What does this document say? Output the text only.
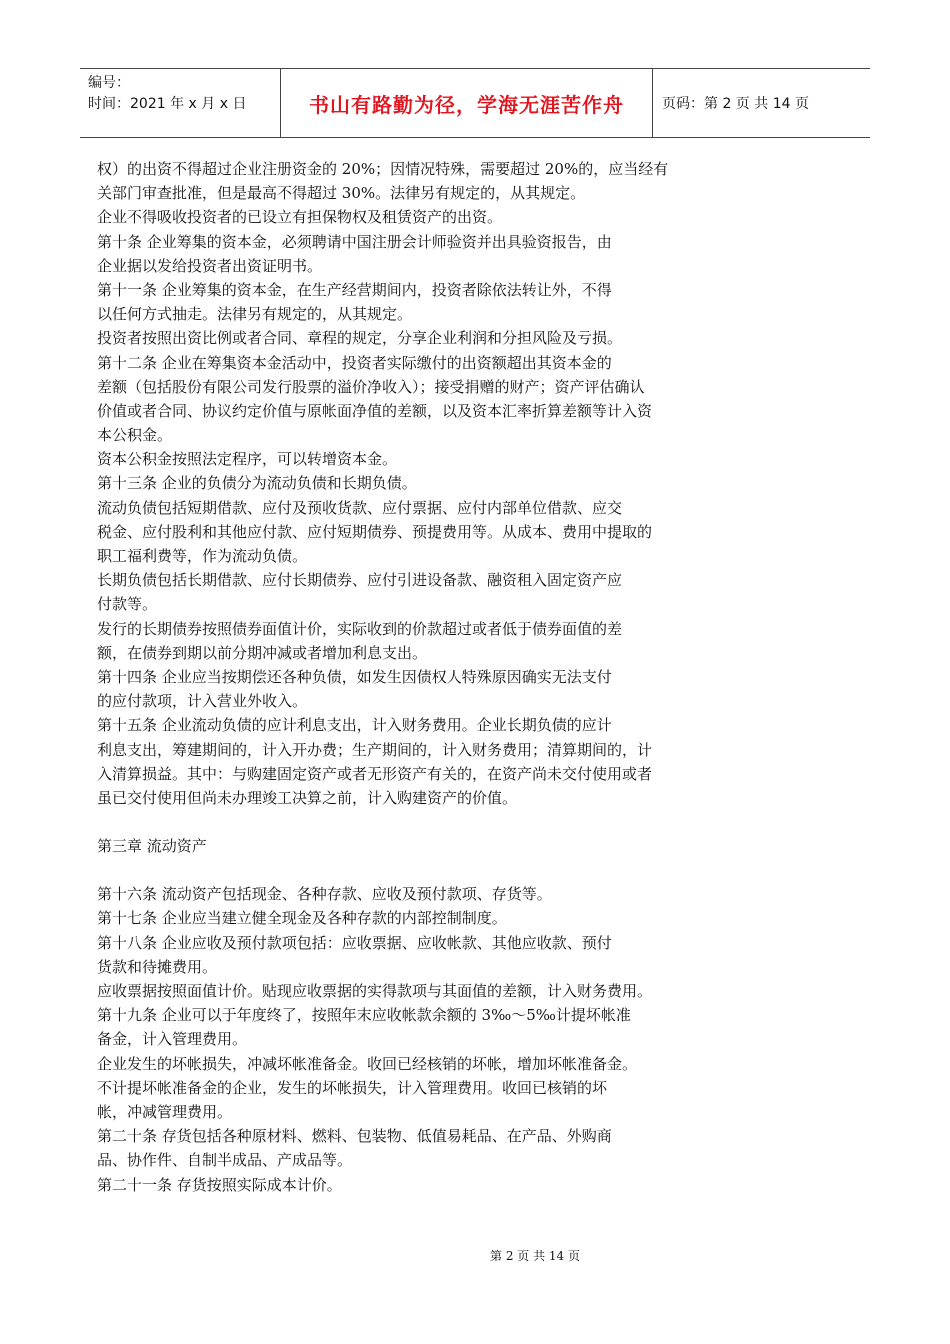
编号：
时间：2021 年 x 月 x 日	书山有路勤为径，学海无涯苦作舟	页码：第 2 页 共 14 页
权）的出资不得超过企业注册资金的 20%；因情况特殊，需要超过 20%的，应当经有
关部门审查批准，但是最高不得超过 30%。法律另有规定的，从其规定。
企业不得吸收投资者的已设立有担保物权及租赁资产的出资。
第十条 企业筹集的资本金，必须聘请中国注册会计师验资并出具验资报告，由
企业据以发给投资者出资证明书。
第十一条 企业筹集的资本金，在生产经营期间内，投资者除依法转让外，不得
以任何方式抽走。法律另有规定的，从其规定。
投资者按照出资比例或者合同、章程的规定，分享企业利润和分担风险及亏损。
第十二条 企业在筹集资本金活动中，投资者实际缴付的出资额超出其资本金的
差额（包括股份有限公司发行股票的溢价净收入）；接受捐赠的财产；资产评估确认
价值或者合同、协议约定价值与原帐面净值的差额，以及资本汇率折算差额等计入资
本公积金。
资本公积金按照法定程序，可以转增资本金。
第十三条 企业的负债分为流动负债和长期负债。
流动负债包括短期借款、应付及预收货款、应付票据、应付内部单位借款、应交
税金、应付股利和其他应付款、应付短期债券、预提费用等。从成本、费用中提取的
职工福利费等，作为流动负债。
长期负债包括长期借款、应付长期债券、应付引进设备款、融资租入固定资产应
付款等。
发行的长期债券按照债券面值计价，实际收到的价款超过或者低于债券面值的差
额，在债券到期以前分期冲减或者增加利息支出。
第十四条 企业应当按期偿还各种负债，如发生因债权人特殊原因确实无法支付
的应付款项，计入营业外收入。
第十五条 企业流动负债的应计利息支出，计入财务费用。企业长期负债的应计
利息支出，筹建期间的，计入开办费；生产期间的，计入财务费用；清算期间的，计
入清算损益。其中：与购建固定资产或者无形资产有关的，在资产尚未交付使用或者
虽已交付使用但尚未办理竣工决算之前，计入购建资产的价值。
第三章 流动资产
第十六条 流动资产包括现金、各种存款、应收及预付款项、存货等。
第十七条 企业应当建立健全现金及各种存款的内部控制制度。
第十八条 企业应收及预付款项包括：应收票据、应收帐款、其他应收款、预付
货款和待摊费用。
应收票据按照面值计价。贴现应收票据的实得款项与其面值的差额，计入财务费用。
第十九条 企业可以于年度终了，按照年末应收帐款余额的 3‰～5‰计提坏帐准
备金，计入管理费用。
企业发生的坏帐损失，冲减坏帐准备金。收回已经核销的坏帐，增加坏帐准备金。
不计提坏帐准备金的企业，发生的坏帐损失，计入管理费用。收回已核销的坏
帐，冲减管理费用。
第二十条 存货包括各种原材料、燃料、包装物、低值易耗品、在产品、外购商
品、协作件、自制半成品、产成品等。
第二十一条 存货按照实际成本计价。
第 2 页 共 14 页
